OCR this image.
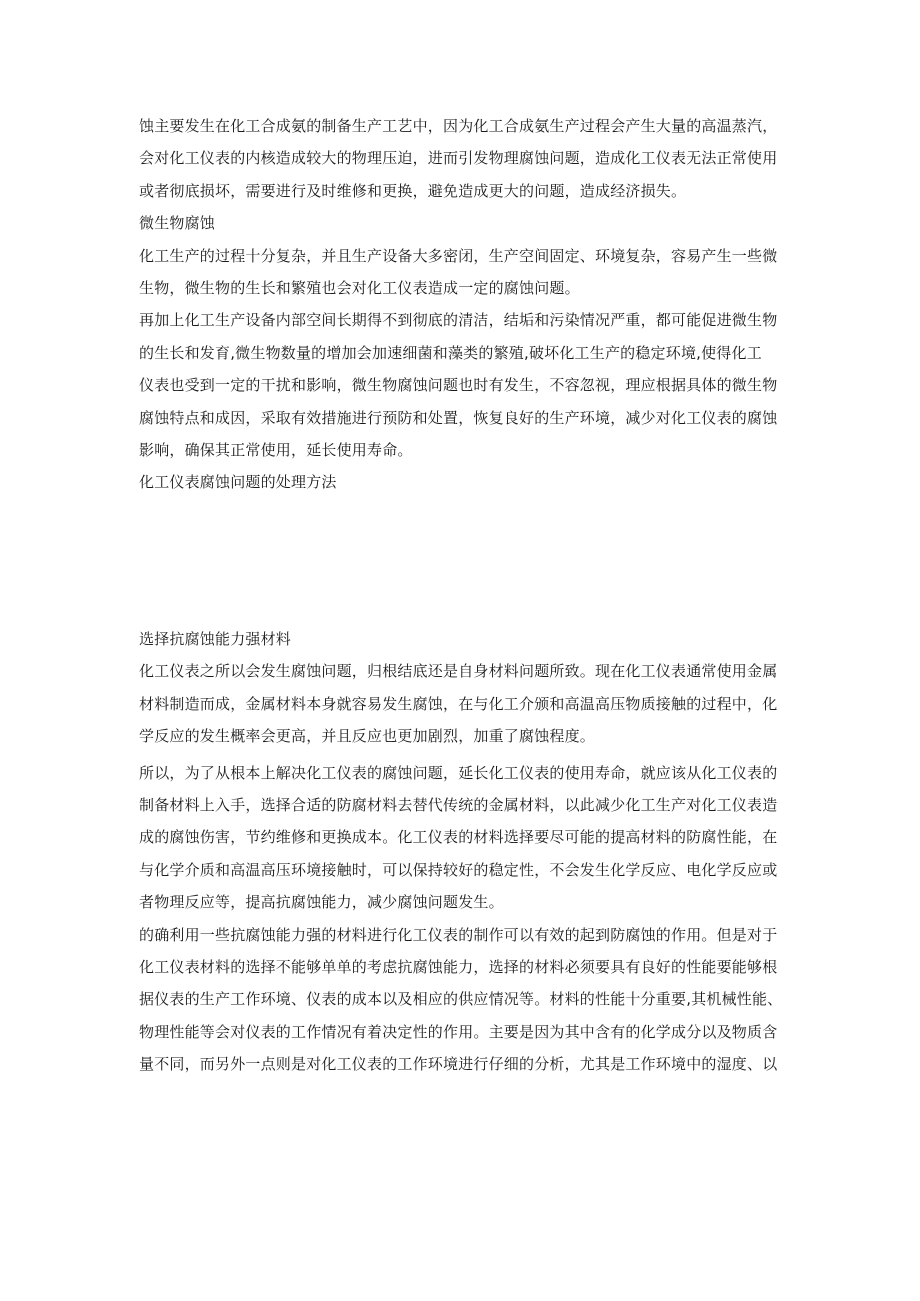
蚀主要发生在化工合成氨的制备生产工艺中，因为化工合成氨生产过程会产生大量的高温蒸汽，
会对化工仪表的内核造成较大的物理压迫，进而引发物理腐蚀问题，造成化工仪表无法正常使用
或者彻底损坏，需要进行及时维修和更换，避免造成更大的问题，造成经济损失。
微生物腐蚀
化工生产的过程十分复杂，并且生产设备大多密闭，生产空间固定、环境复杂，容易产生一些微
生物，微生物的生长和繁殖也会对化工仪表造成一定的腐蚀问题。
再加上化工生产设备内部空间长期得不到彻底的清洁，结垢和污染情况严重，都可能促进微生物
的生长和发育,微生物数量的增加会加速细菌和藻类的繁殖,破坏化工生产的稳定环境,使得化工
仪表也受到一定的干扰和影响，微生物腐蚀问题也时有发生，不容忽视，理应根据具体的微生物
腐蚀特点和成因，采取有效措施进行预防和处置，恢复良好的生产环境，减少对化工仪表的腐蚀
影响，确保其正常使用，延长使用寿命。
化工仪表腐蚀问题的处理方法
选择抗腐蚀能力强材料
化工仪表之所以会发生腐蚀问题，归根结底还是自身材料问题所致。现在化工仪表通常使用金属
材料制造而成，金属材料本身就容易发生腐蚀，在与化工介颁和高温高压物质接触的过程中，化
学反应的发生概率会更高，并且反应也更加剧烈，加重了腐蚀程度。
所以，为了从根本上解决化工仪表的腐蚀问题，延长化工仪表的使用寿命，就应该从化工仪表的
制备材料上入手，选择合适的防腐材料去替代传统的金属材料，以此减少化工生产对化工仪表造
成的腐蚀伤害，节约维修和更换成本。化工仪表的材料选择要尽可能的提高材料的防腐性能，在
与化学介质和高温高压环境接触时，可以保持较好的稳定性，不会发生化学反应、电化学反应或
者物理反应等，提高抗腐蚀能力，减少腐蚀问题发生。
的确利用一些抗腐蚀能力强的材料进行化工仪表的制作可以有效的起到防腐蚀的作用。但是对于
化工仪表材料的选择不能够单单的考虑抗腐蚀能力，选择的材料必须要具有良好的性能要能够根
据仪表的生产工作环境、仪表的成本以及相应的供应情况等。材料的性能十分重要,其机械性能、
物理性能等会对仪表的工作情况有着决定性的作用。主要是因为其中含有的化学成分以及物质含
量不同，而另外一点则是对化工仪表的工作环境进行仔细的分析，尤其是工作环境中的湿度、以
